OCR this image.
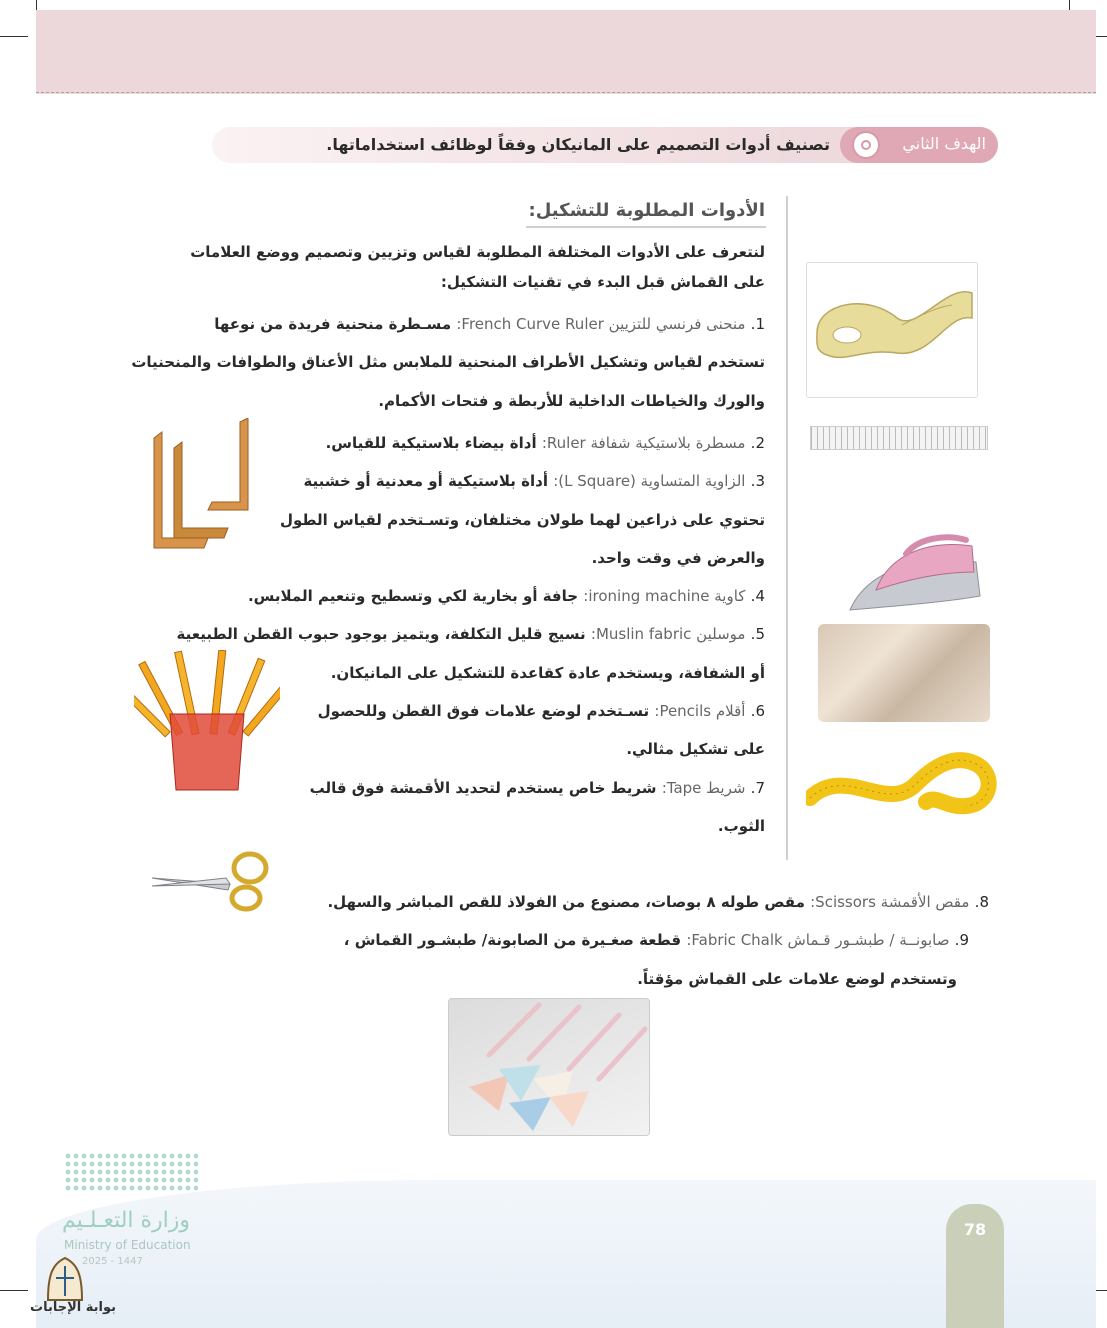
الهدف الثاني
تصنيف أدوات التصميم على المانيكان وفقاً لوظائف استخداماتها.
الأدوات المطلوبة للتشكيل:
لنتعرف على الأدوات المختلفة المطلوبة لقياس وتزيين وتصميم ووضع العلامات
على القماش قبل البدء في تقنيات التشكيل:
1. منحنى فرنسي للتزيين French Curve Ruler: مسـطرة منحنية فريدة من نوعها
تستخدم لقياس وتشكيل الأطراف المنحنية للملابس مثل الأعناق والطوافات والمنحنيات
والورك والخياطات الداخلية للأربطة و فتحات الأكمام.
2. مسطرة بلاستيكية شفافة Ruler: أداة بيضاء بلاستيكية للقياس.
3. الزاوية المتساوية (L Square): أداة بلاستيكية أو معدنية أو خشبية
تحتوي على ذراعين لهما طولان مختلفان، وتسـتخدم لقياس الطول
والعرض في وقت واحد.
4. كاوية ironing machine: جافة أو بخارية لكي وتسطيح وتنعيم الملابس.
5. موسلين Muslin fabric: نسيج قليل التكلفة، ويتميز بوجود حبوب القطن الطبيعية
أو الشفافة، ويستخدم عادة كقاعدة للتشكيل على المانيكان.
6. أقلام Pencils: تسـتخدم لوضع علامات فوق القطن وللحصول
على تشكيل مثالي.
7. شريط Tape: شريط خاص يستخدم لتحديد الأقمشة فوق قالب
الثوب.
8. مقص الأقمشة Scissors: مقص طوله ٨ بوصات، مصنوع من الفولاذ للقص المباشر والسهل.
9. صابونــة / طبشـور قـماش Fabric Chalk: قطعة صغـيرة من الصابونة/ طبشـور القماش ،
وتستخدم لوضع علامات على القماش مؤقتاً.
وزارة التعـلـيم
Ministry of Education
2025 - 1447
78
بوابة الإجابات
